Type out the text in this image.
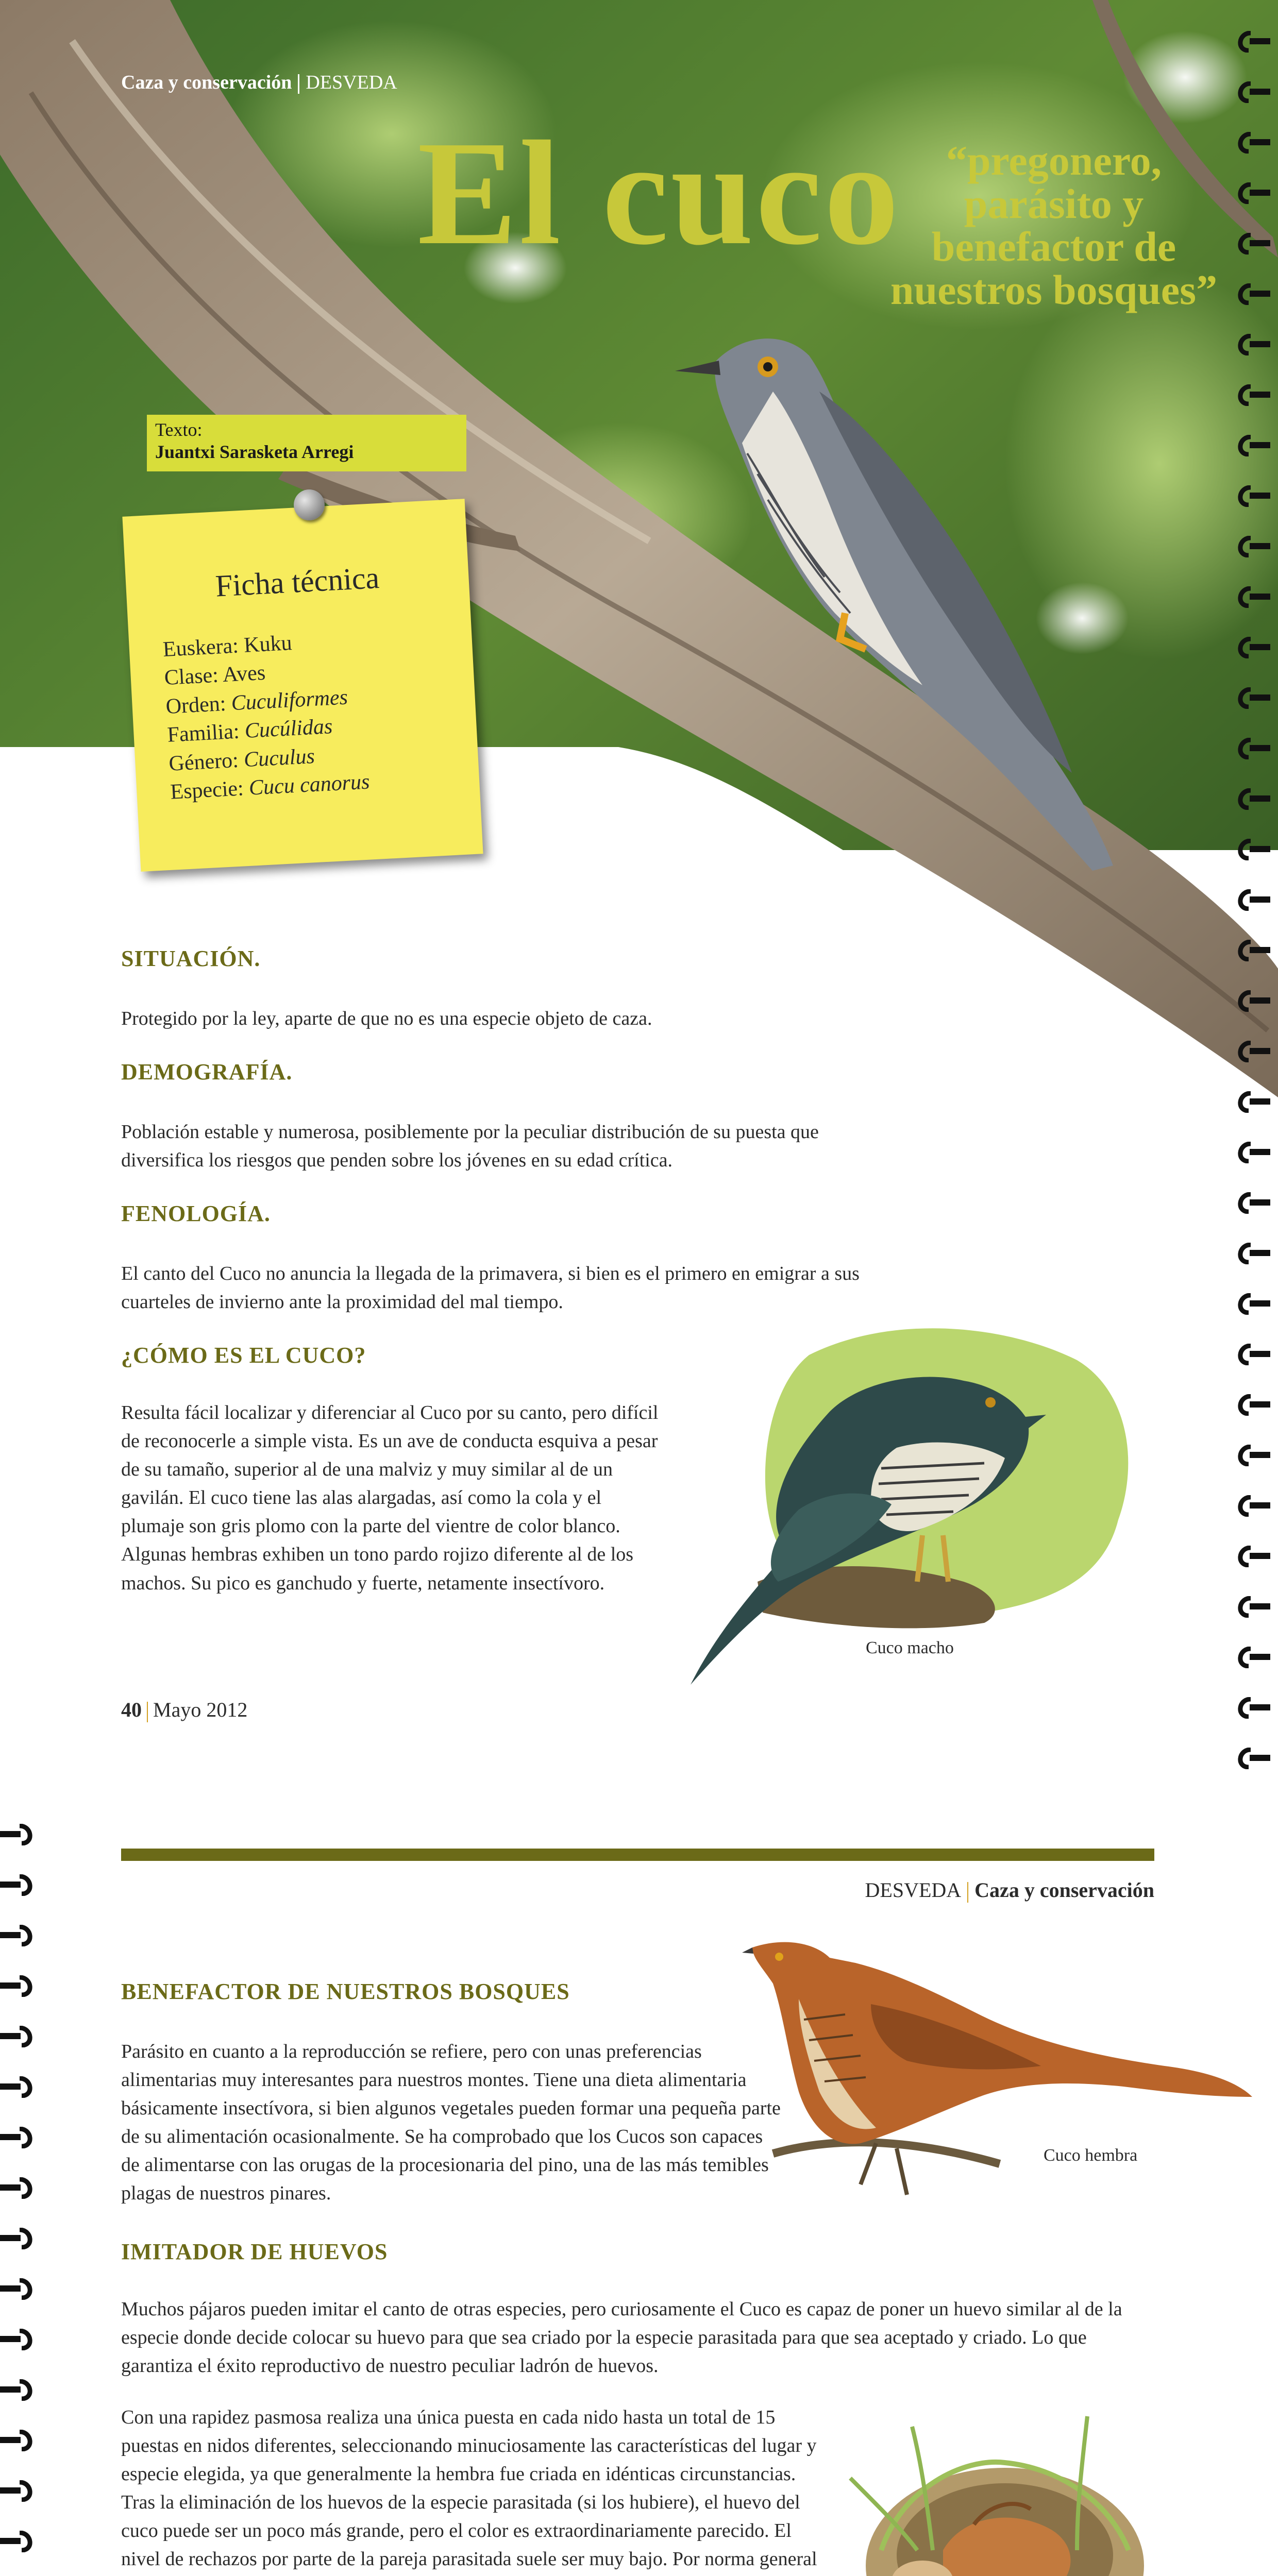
Caza y conservación DESVEDA
El cuco	“pregonero, parásito y benefactor de nuestros bosques”
Texto:
Juantxi Sarasketa Arregi
Ficha técnica
Euskera: Kuku
Clase: Aves
Orden: Cuculiformes
Familia: Cucúlidas
Género: Cuculus
Especie: Cucu canorus
SITUACIÓN.

Protegido por la ley, aparte de que no es una especie objeto de caza.

DEMOGRAFÍA.

Población estable y numerosa, posiblemente por la peculiar distribución de su puesta que diversifica los riesgos que penden sobre los jóvenes en su edad crítica.

FENOLOGÍA.

El canto del Cuco no anuncia la llegada de la primavera, si bien es el primero en emigrar a sus cuarteles de invierno ante la proximidad del mal tiempo.

¿CÓMO ES EL CUCO?

Resulta fácil localizar y diferenciar al Cuco por su canto, pero difícil de reconocerle a simple vista. Es un ave de conducta esquiva a pesar de su tamaño, superior al de una malviz y muy similar al de un gavilán. El cuco tiene las alas alargadas, así como la cola y el plumaje son gris plomo con la parte del vientre de color blanco. Algunas hembras exhiben un tono pardo rojizo diferente al de los machos. Su pico es ganchudo y fuerte, netamente insectívoro.

Cuco macho
40 Mayo 2012
DESVEDA Caza y conservación
BENEFACTOR DE NUESTROS BOSQUES

Parásito en cuanto a la reproducción se refiere, pero con unas preferencias alimentarias muy interesantes para nuestros montes. Tiene una dieta alimentaria básicamente insectívora, si bien algunos vegetales pueden formar una pequeña parte de su alimentación ocasionalmente. Se ha comprobado que los Cucos son capaces de alimentarse con las orugas de la procesionaria del pino, una de las más temibles plagas de nuestros pinares.

Cuco hembra
IMITADOR DE HUEVOS

Muchos pájaros pueden imitar el canto de otras especies, pero curiosamente el Cuco es capaz de poner un huevo similar al de la especie donde decide colocar su huevo para que sea criado por la especie parasitada para que sea aceptado y criado. Lo que garantiza el éxito reproductivo de nuestro peculiar ladrón de huevos.

Con una rapidez pasmosa realiza una única puesta en cada nido hasta un total de 15 puestas en nidos diferentes, seleccionando minuciosamente las características del lugar y especie elegida, ya que generalmente la hembra fue criada en idénticas circunstancias. Tras la eliminación de los huevos de la especie parasitada (si los hubiere), el huevo del cuco puede ser un poco más grande, pero el color es extraordinariamente parecido. El nivel de rechazos por parte de la pareja parasitada suele ser muy bajo. Por norma general
